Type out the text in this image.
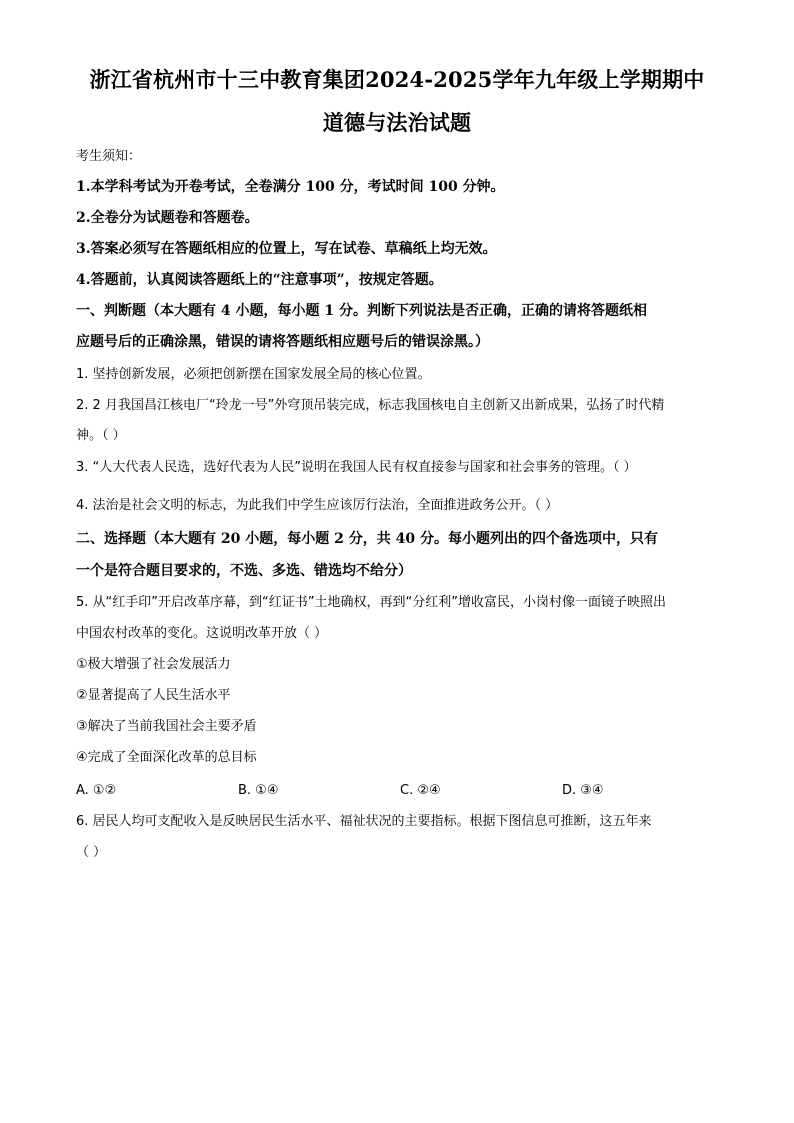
浙江省杭州市十三中教育集团2024-2025学年九年级上学期期中
道德与法治试题
考生须知：
1.本学科考试为开卷考试，全卷满分 100 分，考试时间 100 分钟。
2.全卷分为试题卷和答题卷。
3.答案必须写在答题纸相应的位置上，写在试卷、草稿纸上均无效。
4.答题前，认真阅读答题纸上的“注意事项”，按规定答题。
一、判断题（本大题有 4 小题，每小题 1 分。判断下列说法是否正确，正确的请将答题纸相
应题号后的正确涂黑，错误的请将答题纸相应题号后的错误涂黑。）
1. 坚持创新发展，必须把创新摆在国家发展全局的核心位置。
2. 2 月我国昌江核电厂“玲龙一号”外穹顶吊装完成，标志我国核电自主创新又出新成果，弘扬了时代精
神。（ ）
3. “人大代表人民选，选好代表为人民”说明在我国人民有权直接参与国家和社会事务的管理。（ ）
4. 法治是社会文明的标志，为此我们中学生应该厉行法治，全面推进政务公开。（ ）
二、选择题（本大题有 20 小题，每小题 2 分，共 40 分。每小题列出的四个备选项中，只有
一个是符合题目要求的，不选、多选、错选均不给分）
5. 从“红手印”开启改革序幕，到“红证书”土地确权，再到“分红利”增收富民，小岗村像一面镜子映照出
中国农村改革的变化。这说明改革开放（ ）
①极大增强了社会发展活力
②显著提高了人民生活水平
③解决了当前我国社会主要矛盾
④完成了全面深化改革的总目标
A. ①②	B. ①④	C. ②④	D. ③④
6. 居民人均可支配收入是反映居民生活水平、福祉状况的主要指标。根据下图信息可推断，这五年来
（ ）
